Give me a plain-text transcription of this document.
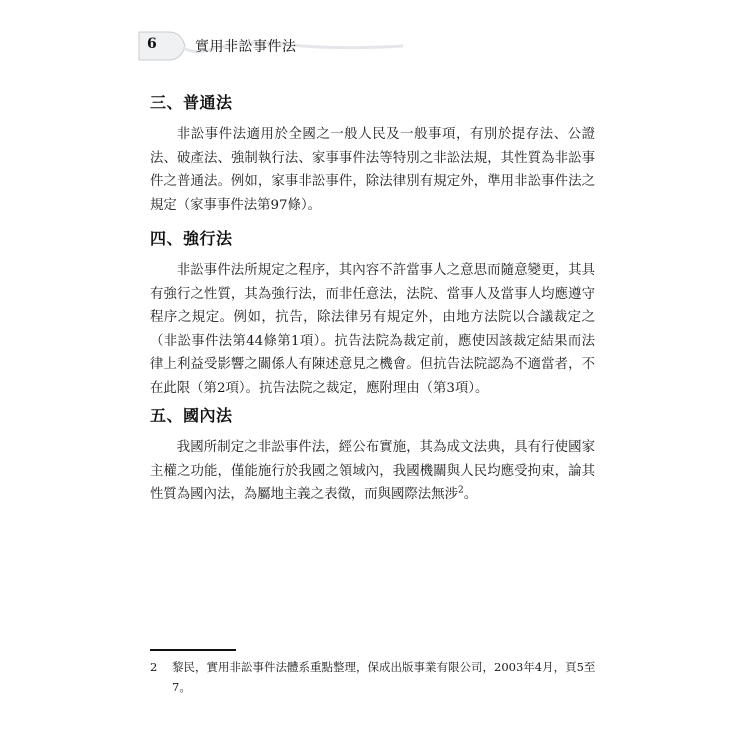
6	實用非訟事件法
三、普通法

非訟事件法適用於全國之一般人民及一般事項，有別於提存法、公證法、破產法、強制執行法、家事事件法等特別之非訟法規，其性質為非訟事件之普通法。例如，家事非訟事件，除法律別有規定外，準用非訟事件法之規定（家事事件法第97條）。

四、強行法

非訟事件法所規定之程序，其內容不許當事人之意思而隨意變更，其具有強行之性質，其為強行法，而非任意法，法院、當事人及當事人均應遵守程序之規定。例如，抗告，除法律另有規定外，由地方法院以合議裁定之（非訟事件法第44條第1項）。抗告法院為裁定前，應使因該裁定結果而法律上利益受影響之關係人有陳述意見之機會。但抗告法院認為不適當者，不在此限（第2項）。抗告法院之裁定，應附理由（第3項）。

五、國內法

我國所制定之非訟事件法，經公布實施，其為成文法典，具有行使國家主權之功能，僅能施行於我國之領域內，我國機關與人民均應受拘束，論其性質為國內法，為屬地主義之表徵，而與國際法無涉$^2$。

2 黎民，實用非訟事件法體系重點整理，保成出版事業有限公司，2003年4月，頁5至7。
